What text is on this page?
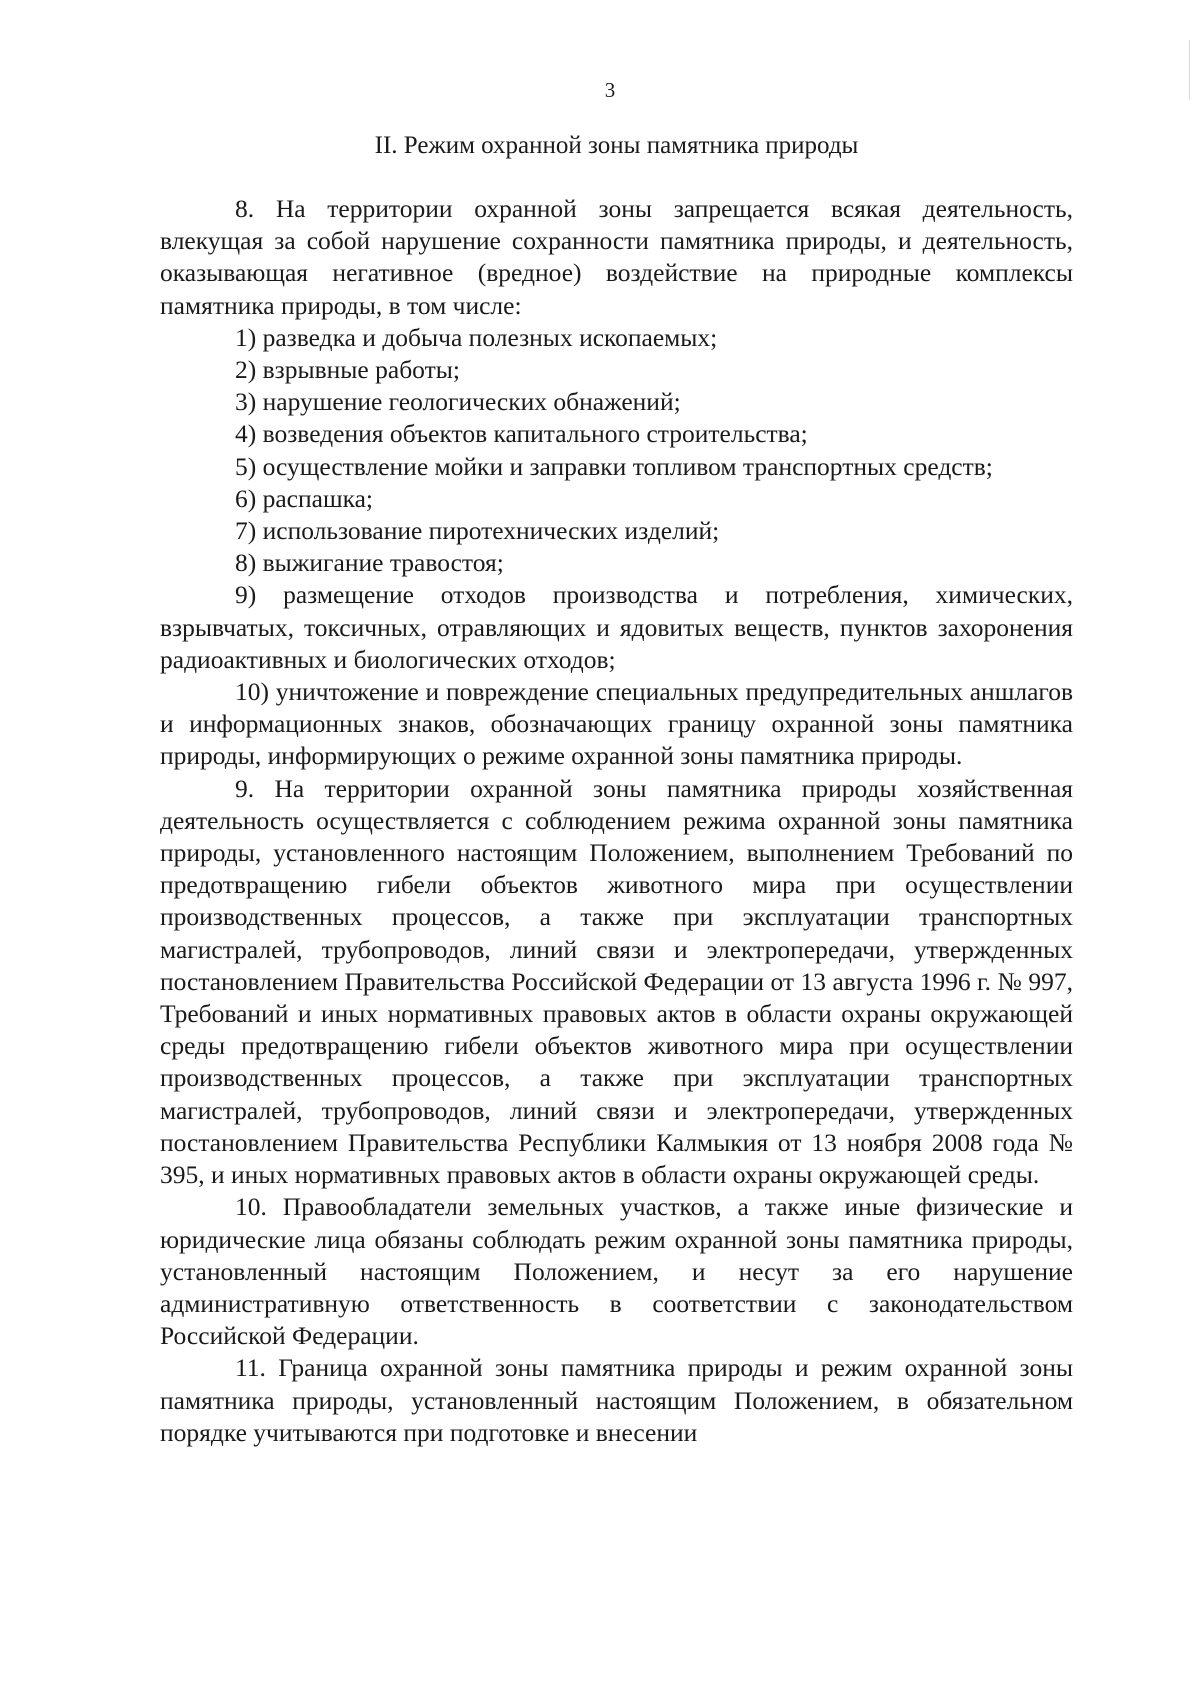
3
II. Режим охранной зоны памятника природы

8. На территории охранной зоны запрещается всякая деятельность, влекущая за собой нарушение сохранности памятника природы, и деятельность, оказывающая негативное (вредное) воздействие на природные комплексы памятника природы, в том числе:

1) разведка и добыча полезных ископаемых;

2) взрывные работы;

3) нарушение геологических обнажений;

4) возведения объектов капитального строительства;

5) осуществление мойки и заправки топливом транспортных средств;

6) распашка;

7) использование пиротехнических изделий;

8) выжигание травостоя;

9) размещение отходов производства и потребления, химических, взрывчатых, токсичных, отравляющих и ядовитых веществ, пунктов захоронения радиоактивных и биологических отходов;

10) уничтожение и повреждение специальных предупредительных аншлагов и информационных знаков, обозначающих границу охранной зоны памятника природы, информирующих о режиме охранной зоны памятника природы.

9. На территории охранной зоны памятника природы хозяйственная деятельность осуществляется с соблюдением режима охранной зоны памятника природы, установленного настоящим Положением, выполнением Требований по предотвращению гибели объектов животного мира при осуществлении производственных процессов, а также при эксплуатации транспортных магистралей, трубопроводов, линий связи и электропередачи, утвержденных постановлением Правительства Российской Федерации от 13 августа 1996 г. № 997, Требований и иных нормативных правовых актов в области охраны окружающей среды предотвращению гибели объектов животного мира при осуществлении производственных процессов, а также при эксплуатации транспортных магистралей, трубопроводов, линий связи и электропередачи, утвержденных постановлением Правительства Республики Калмыкия от 13 ноября 2008 года № 395, и иных нормативных правовых актов в области охраны окружающей среды.

10. Правообладатели земельных участков, а также иные физические и юридические лица обязаны соблюдать режим охранной зоны памятника природы, установленный настоящим Положением, и несут за его нарушение административную ответственность в соответствии с законодательством Российской Федерации.

11. Граница охранной зоны памятника природы и режим охранной зоны памятника природы, установленный настоящим Положением, в обязательном порядке учитываются при подготовке и внесении
